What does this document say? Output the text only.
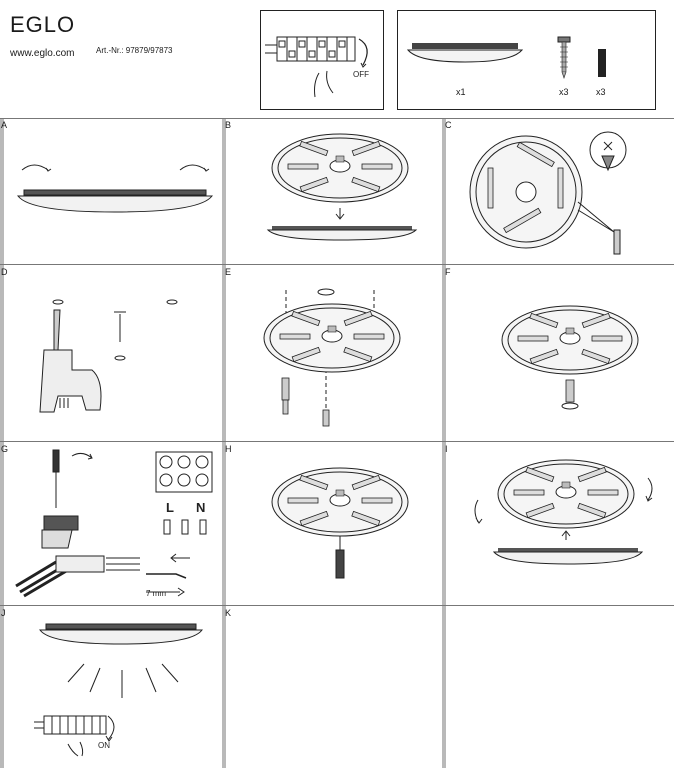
EGLO
www.eglo.com	Art.-Nr.: 97879/97873
OFF
x1	x3	x3
A	B	C
D	E	F
G	H	I
J	K
L N
7 mm
ON
